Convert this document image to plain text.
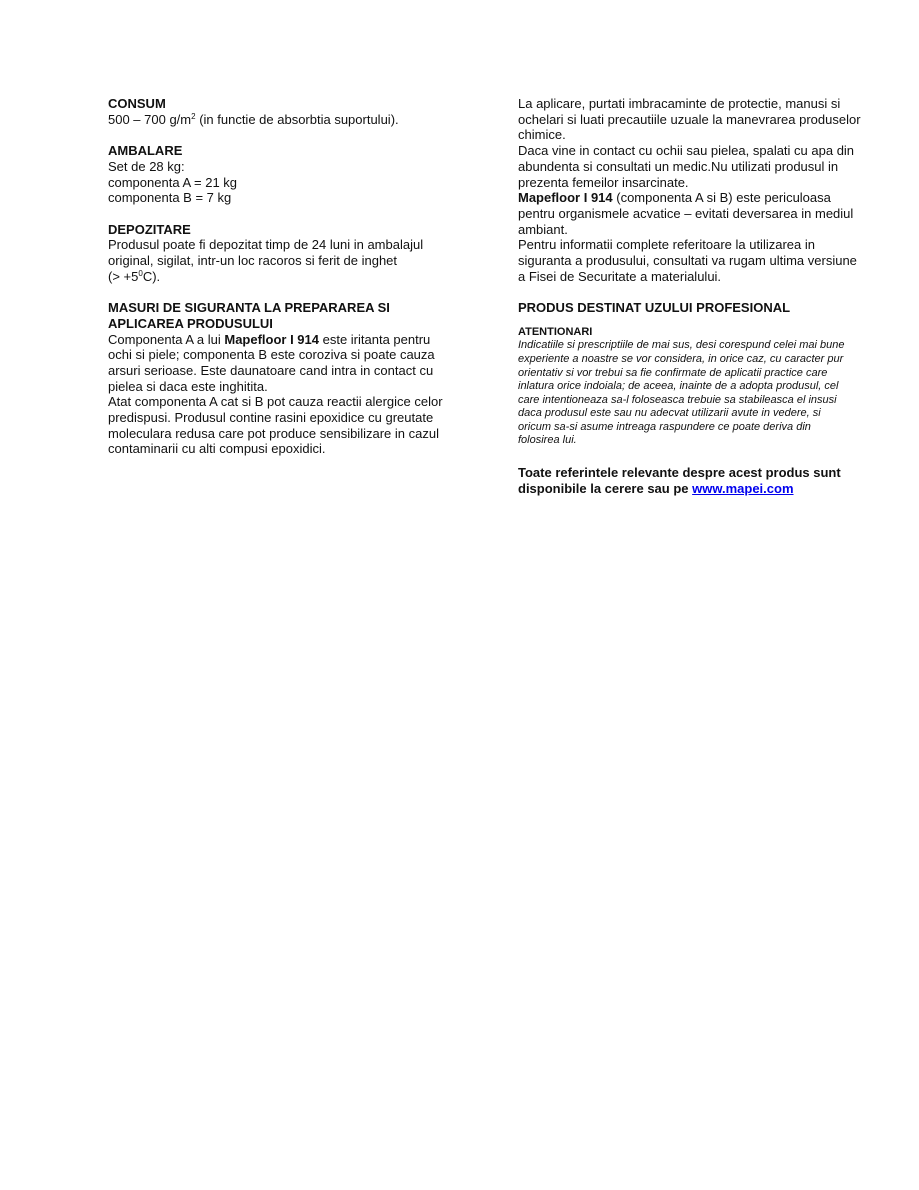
CONSUM
500 – 700 $g/m^2$ (in functie de absorbtia suportului).
AMBALARE
Set de 28 kg:
componenta A = 21 kg
componenta B = 7 kg
DEPOZITARE
Produsul poate fi depozitat timp de 24 luni in ambalajul
original, sigilat, intr-un loc racoros si ferit de inghet
(> $+5^0C$).
MASURI DE SIGURANTA LA PREPARAREA SI
APLICAREA PRODUSULUI
Componenta A a lui Mapefloor I 914 este iritanta pentru
ochi si piele; componenta B este coroziva si poate cauza
arsuri serioase. Este daunatoare cand intra in contact cu
pielea si daca este inghitita.
Atat componenta A cat si B pot cauza reactii alergice celor
predispusi. Produsul contine rasini epoxidice cu greutate
moleculara redusa care pot produce sensibilizare in cazul
contaminarii cu alti compusi epoxidici.
La aplicare, purtati imbracaminte de protectie, manusi si
ochelari si luati precautiile uzuale la manevrarea produselor
chimice.
Daca vine in contact cu ochii sau pielea, spalati cu apa din
abundenta si consultati un medic.Nu utilizati produsul in
prezenta femeilor insarcinate.
Mapefloor I 914 (componenta A si B) este periculoasa
pentru organismele acvatice – evitati deversarea in mediul
ambiant.
Pentru informatii complete referitoare la utilizarea in
siguranta a produsului, consultati va rugam ultima versiune
a Fisei de Securitate a materialului.
PRODUS DESTINAT UZULUI PROFESIONAL
ATENTIONARI
Indicatiile si prescriptiile de mai sus, desi corespund celei mai bune
experiente a noastre se vor considera, in orice caz, cu caracter pur
orientativ si vor trebui sa fie confirmate de aplicatii practice care
inlatura orice indoiala; de aceea, inainte de a adopta produsul, cel
care intentioneaza sa-l foloseasca trebuie sa stabileasca el insusi
daca produsul este sau nu adecvat utilizarii avute in vedere, si
oricum sa-si asume intreaga raspundere ce poate deriva din
folosirea lui.
Toate referintele relevante despre acest produs sunt
disponibile la cerere sau pe www.mapei.com
